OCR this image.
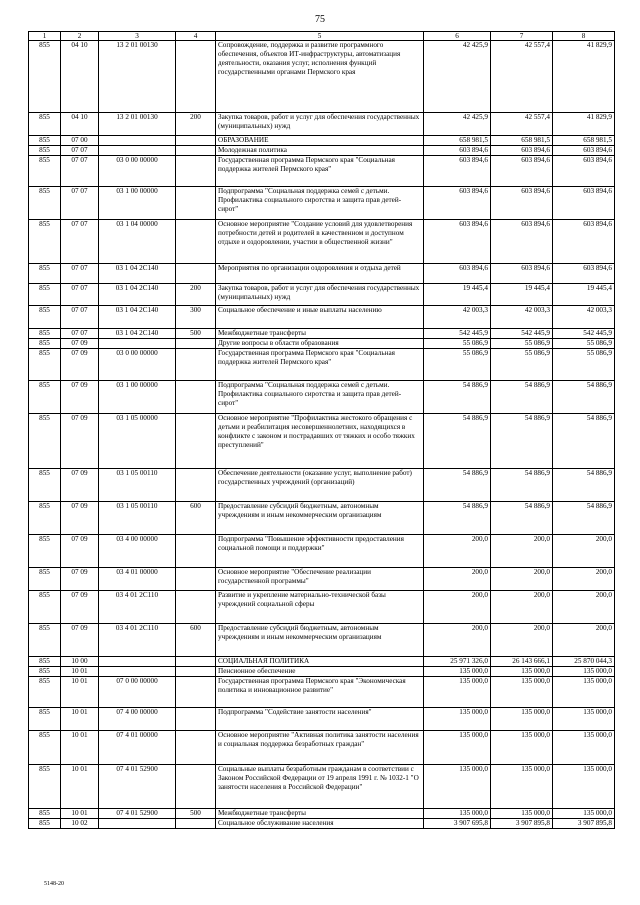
75
1	2	3	4	5	6	7	8
855	04 10	13 2 01 00130		Сопровождение, поддержка и развитие программного обеспечения, объектов ИТ-инфраструктуры, автоматизация деятельности, оказания услуг, исполнения функций государственными органами Пермского края	42 425,9	42 557,4	41 829,9
855	04 10	13 2 01 00130	200	Закупка товаров, работ и услуг для обеспечения государственных (муниципальных) нужд	42 425,9	42 557,4	41 829,9
855	07 00			ОБРАЗОВАНИЕ	658 981,5	658 981,5	658 981,5
855	07 07			Молодежная политика	603 894,6	603 894,6	603 894,6
855	07 07	03 0 00 00000		Государственная программа Пермского края "Социальная поддержка жителей Пермского края"	603 894,6	603 894,6	603 894,6
855	07 07	03 1 00 00000		Подпрограмма "Социальная поддержка семей с детьми. Профилактика социального сиротства и защита прав детей-сирот"	603 894,6	603 894,6	603 894,6
855	07 07	03 1 04 00000		Основное мероприятие "Создание условий для удовлетворения потребности детей и родителей в качественном и доступном отдыхе и оздоровлении, участии в общественной жизни"	603 894,6	603 894,6	603 894,6
855	07 07	03 1 04 2C140		Мероприятия по организации оздоровления и отдыха детей	603 894,6	603 894,6	603 894,6
855	07 07	03 1 04 2C140	200	Закупка товаров, работ и услуг для обеспечения государственных (муниципальных) нужд	19 445,4	19 445,4	19 445,4
855	07 07	03 1 04 2C140	300	Социальное обеспечение и иные выплаты населению	42 003,3	42 003,3	42 003,3
855	07 07	03 1 04 2C140	500	Межбюджетные трансферты	542 445,9	542 445,9	542 445,9
855	07 09			Другие вопросы в области образования	55 086,9	55 086,9	55 086,9
855	07 09	03 0 00 00000		Государственная программа Пермского края "Социальная поддержка жителей Пермского края"	55 086,9	55 086,9	55 086,9
855	07 09	03 1 00 00000		Подпрограмма "Социальная поддержка семей с детьми. Профилактика социального сиротства и защита прав детей-сирот"	54 886,9	54 886,9	54 886,9
855	07 09	03 1 05 00000		Основное мероприятие "Профилактика жестокого обращения с детьми и реабилитация несовершеннолетних, находящихся в конфликте с законом и пострадавших от тяжких и особо тяжких преступлений"	54 886,9	54 886,9	54 886,9
855	07 09	03 1 05 00110		Обеспечение деятельности (оказание услуг, выполнение работ) государственных учреждений (организаций)	54 886,9	54 886,9	54 886,9
855	07 09	03 1 05 00110	600	Предоставление субсидий бюджетным, автономным учреждениям и иным некоммерческим организациям	54 886,9	54 886,9	54 886,9
855	07 09	03 4 00 00000		Подпрограмма "Повышение эффективности предоставления социальной помощи и поддержки"	200,0	200,0	200,0
855	07 09	03 4 01 00000		Основное мероприятие "Обеспечение реализации государственной программы"	200,0	200,0	200,0
855	07 09	03 4 01 2C110		Развитие и укрепление материально-технической базы учреждений социальной сферы	200,0	200,0	200,0
855	07 09	03 4 01 2C110	600	Предоставление субсидий бюджетным, автономным учреждениям и иным некоммерческим организациям	200,0	200,0	200,0
855	10 00			СОЦИАЛЬНАЯ ПОЛИТИКА	25 971 326,0	26 143 666,1	25 870 044,3
855	10 01			Пенсионное обеспечение	135 000,0	135 000,0	135 000,0
855	10 01	07 0 00 00000		Государственная программа Пермского края "Экономическая политика и инновационное развитие"	135 000,0	135 000,0	135 000,0
855	10 01	07 4 00 00000		Подпрограмма "Содействие занятости населения"	135 000,0	135 000,0	135 000,0
855	10 01	07 4 01 00000		Основное мероприятие "Активная политика занятости населения и социальная поддержка безработных граждан"	135 000,0	135 000,0	135 000,0
855	10 01	07 4 01 52900		Социальные выплаты безработным гражданам в соответствии с Законом Российской Федерации от 19 апреля 1991 г. № 1032-1 "О занятости населения в Российской Федерации"	135 000,0	135 000,0	135 000,0
855	10 01	07 4 01 52900	500	Межбюджетные трансферты	135 000,0	135 000,0	135 000,0
855	10 02			Социальное обслуживание населения	3 907 695,8	3 907 895,8	3 907 895,8
5148-20
